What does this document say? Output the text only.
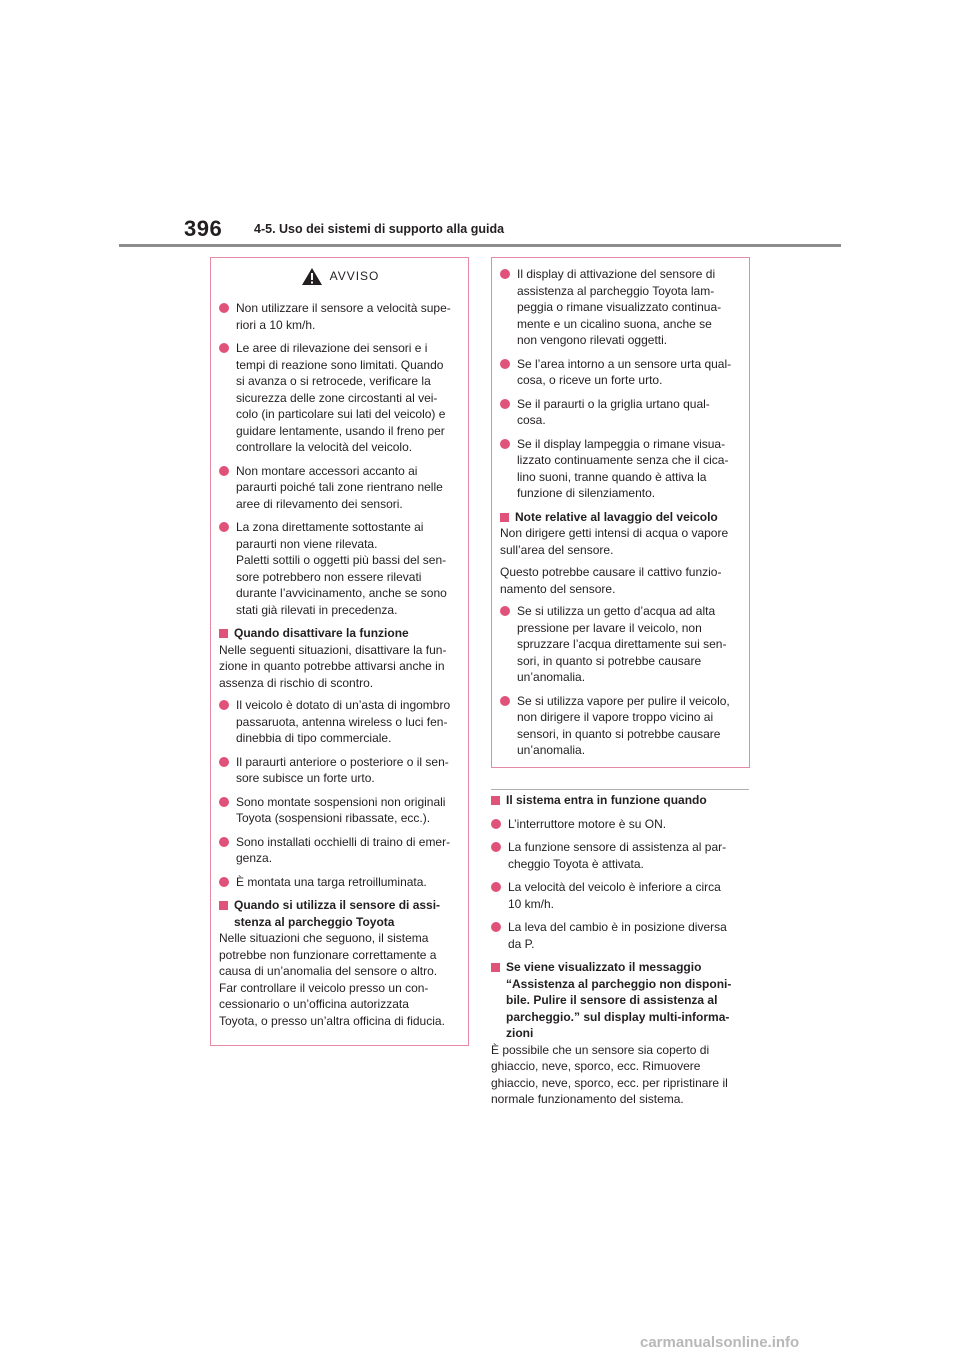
396	4-5. Uso dei sistemi di supporto alla guida
AVVISO
Non utilizzare il sensore a velocità supe-
riori a 10 km/h.
Le aree di rilevazione dei sensori e i
tempi di reazione sono limitati. Quando
si avanza o si retrocede, verificare la
sicurezza delle zone circostanti al vei-
colo (in particolare sui lati del veicolo) e
guidare lentamente, usando il freno per
controllare la velocità del veicolo.
Non montare accessori accanto ai
paraurti poiché tali zone rientrano nelle
aree di rilevamento dei sensori.
La zona direttamente sottostante ai
paraurti non viene rilevata.
Paletti sottili o oggetti più bassi del sen-
sore potrebbero non essere rilevati
durante l’avvicinamento, anche se sono
stati già rilevati in precedenza.
Quando disattivare la funzione
Nelle seguenti situazioni, disattivare la fun-
zione in quanto potrebbe attivarsi anche in
assenza di rischio di scontro.
Il veicolo è dotato di un’asta di ingombro
passaruota, antenna wireless o luci fen-
dinebbia di tipo commerciale.
Il paraurti anteriore o posteriore o il sen-
sore subisce un forte urto.
Sono montate sospensioni non originali
Toyota (sospensioni ribassate, ecc.).
Sono installati occhielli di traino di emer-
genza.
È montata una targa retroilluminata.
Quando si utilizza il sensore di assi-
stenza al parcheggio Toyota
Nelle situazioni che seguono, il sistema
potrebbe non funzionare correttamente a
causa di un’anomalia del sensore o altro.
Far controllare il veicolo presso un con-
cessionario o un’officina autorizzata
Toyota, o presso un’altra officina di fiducia.
Il display di attivazione del sensore di
assistenza al parcheggio Toyota lam-
peggia o rimane visualizzato continua-
mente e un cicalino suona, anche se
non vengono rilevati oggetti.
Se l’area intorno a un sensore urta qual-
cosa, o riceve un forte urto.
Se il paraurti o la griglia urtano qual-
cosa.
Se il display lampeggia o rimane visua-
lizzato continuamente senza che il cica-
lino suoni, tranne quando è attiva la
funzione di silenziamento.
Note relative al lavaggio del veicolo
Non dirigere getti intensi di acqua o vapore
sull’area del sensore.
Questo potrebbe causare il cattivo funzio-
namento del sensore.
Se si utilizza un getto d’acqua ad alta
pressione per lavare il veicolo, non
spruzzare l’acqua direttamente sui sen-
sori, in quanto si potrebbe causare
un’anomalia.
Se si utilizza vapore per pulire il veicolo,
non dirigere il vapore troppo vicino ai
sensori, in quanto si potrebbe causare
un’anomalia.
Il sistema entra in funzione quando
L’interruttore motore è su ON.
La funzione sensore di assistenza al par-
cheggio Toyota è attivata.
La velocità del veicolo è inferiore a circa
10 km/h.
La leva del cambio è in posizione diversa
da P.
Se viene visualizzato il messaggio
“Assistenza al parcheggio non disponi-
bile. Pulire il sensore di assistenza al
parcheggio.” sul display multi-informa-
zioni
È possibile che un sensore sia coperto di
ghiaccio, neve, sporco, ecc. Rimuovere
ghiaccio, neve, sporco, ecc. per ripristinare il
normale funzionamento del sistema.
carmanualsonline.info
